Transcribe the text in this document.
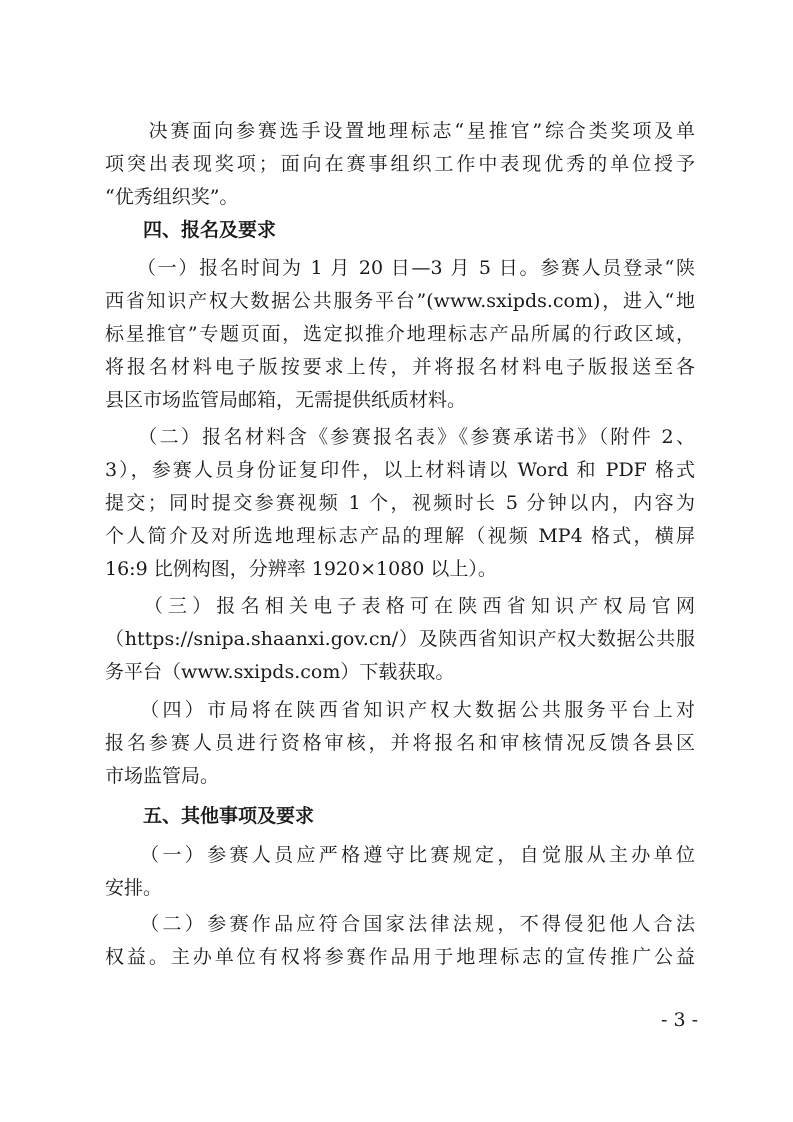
　　决赛面向参赛选手设置地理标志“星推官”综合类奖项及单
项突出表现奖项；面向在赛事组织工作中表现优秀的单位授予
“优秀组织奖”。
　　四、报名及要求
　　（一）报名时间为 1 月 20 日—3 月 5 日。参赛人员登录“陕
西省知识产权大数据公共服务平台”(www.sxipds.com)，进入“地
标星推官”专题页面，选定拟推介地理标志产品所属的行政区域，
将报名材料电子版按要求上传，并将报名材料电子版报送至各
县区市场监管局邮箱，无需提供纸质材料。
　　（二）报名材料含《参赛报名表》《参赛承诺书》（附件 2、
3），参赛人员身份证复印件，以上材料请以 Word 和 PDF 格式
提交；同时提交参赛视频 1 个，视频时长 5 分钟以内，内容为
个人简介及对所选地理标志产品的理解（视频 MP4 格式，横屏
16:9 比例构图，分辨率 1920×1080 以上）。
　　（三）报名相关电子表格可在陕西省知识产权局官网
（https://snipa.shaanxi.gov.cn/）及陕西省知识产权大数据公共服
务平台（www.sxipds.com）下载获取。
　　（四）市局将在陕西省知识产权大数据公共服务平台上对
报名参赛人员进行资格审核，并将报名和审核情况反馈各县区
市场监管局。
　　五、其他事项及要求
　　（一）参赛人员应严格遵守比赛规定，自觉服从主办单位
安排。
　　（二）参赛作品应符合国家法律法规，不得侵犯他人合法
权益。主办单位有权将参赛作品用于地理标志的宣传推广公益
- 3 -
